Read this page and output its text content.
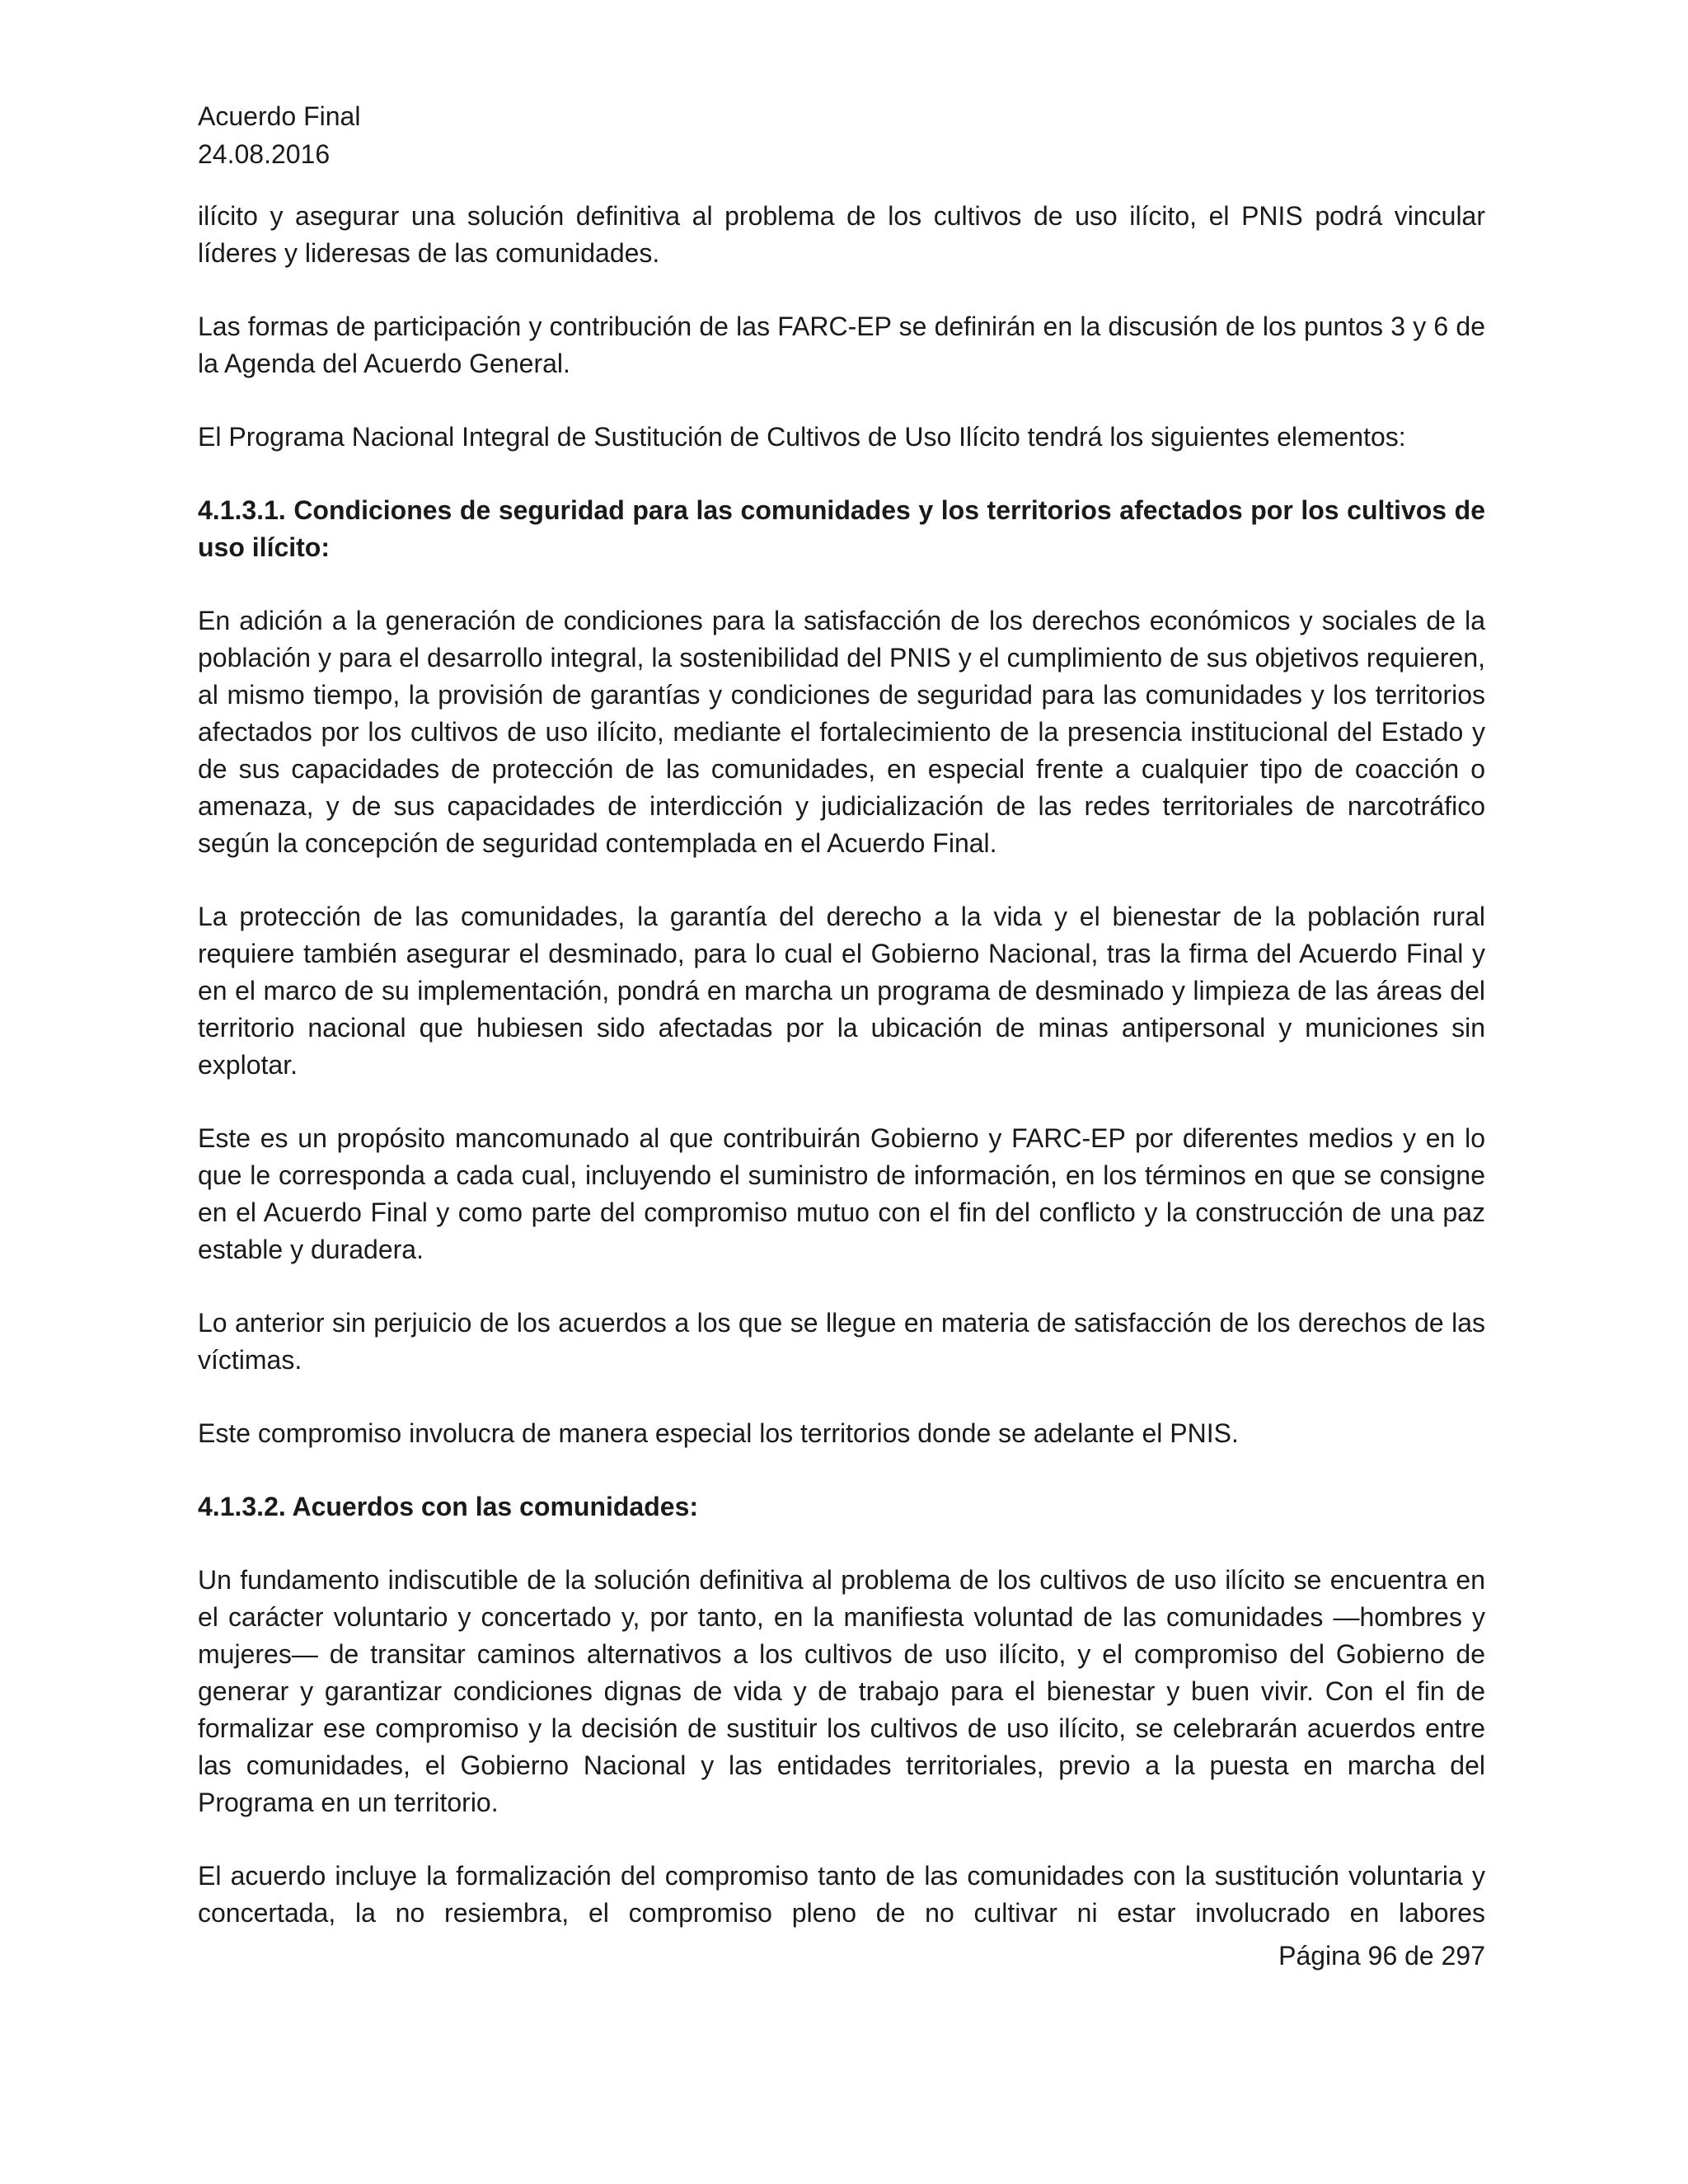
Acuerdo Final
24.08.2016

ilícito y asegurar una solución definitiva al problema de los cultivos de uso ilícito, el PNIS podrá vincular líderes y lideresas de las comunidades.

Las formas de participación y contribución de las FARC-EP se definirán en la discusión de los puntos 3 y 6 de la Agenda del Acuerdo General.

El Programa Nacional Integral de Sustitución de Cultivos de Uso Ilícito tendrá los siguientes elementos:

4.1.3.1. Condiciones de seguridad para las comunidades y los territorios afectados por los cultivos de uso ilícito:

En adición a la generación de condiciones para la satisfacción de los derechos económicos y sociales de la población y para el desarrollo integral, la sostenibilidad del PNIS y el cumplimiento de sus objetivos requieren, al mismo tiempo, la provisión de garantías y condiciones de seguridad para las comunidades y los territorios afectados por los cultivos de uso ilícito, mediante el fortalecimiento de la presencia institucional del Estado y de sus capacidades de protección de las comunidades, en especial frente a cualquier tipo de coacción o amenaza, y de sus capacidades de interdicción y judicialización de las redes territoriales de narcotráfico según la concepción de seguridad contemplada en el Acuerdo Final.

La protección de las comunidades, la garantía del derecho a la vida y el bienestar de la población rural requiere también asegurar el desminado, para lo cual el Gobierno Nacional, tras la firma del Acuerdo Final y en el marco de su implementación, pondrá en marcha un programa de desminado y limpieza de las áreas del territorio nacional que hubiesen sido afectadas por la ubicación de minas antipersonal y municiones sin explotar.

Este es un propósito mancomunado al que contribuirán Gobierno y FARC-EP por diferentes medios y en lo que le corresponda a cada cual, incluyendo el suministro de información, en los términos en que se consigne en el Acuerdo Final y como parte del compromiso mutuo con el fin del conflicto y la construcción de una paz estable y duradera.

Lo anterior sin perjuicio de los acuerdos a los que se llegue en materia de satisfacción de los derechos de las víctimas.

Este compromiso involucra de manera especial los territorios donde se adelante el PNIS.

4.1.3.2. Acuerdos con las comunidades:

Un fundamento indiscutible de la solución definitiva al problema de los cultivos de uso ilícito se encuentra en el carácter voluntario y concertado y, por tanto, en la manifiesta voluntad de las comunidades —hombres y mujeres— de transitar caminos alternativos a los cultivos de uso ilícito, y el compromiso del Gobierno de generar y garantizar condiciones dignas de vida y de trabajo para el bienestar y buen vivir. Con el fin de formalizar ese compromiso y la decisión de sustituir los cultivos de uso ilícito, se celebrarán acuerdos entre las comunidades, el Gobierno Nacional y las entidades territoriales, previo a la puesta en marcha del Programa en un territorio.

El acuerdo incluye la formalización del compromiso tanto de las comunidades con la sustitución voluntaria y concertada, la no resiembra, el compromiso pleno de no cultivar ni estar involucrado en labores

Página 96 de 297
